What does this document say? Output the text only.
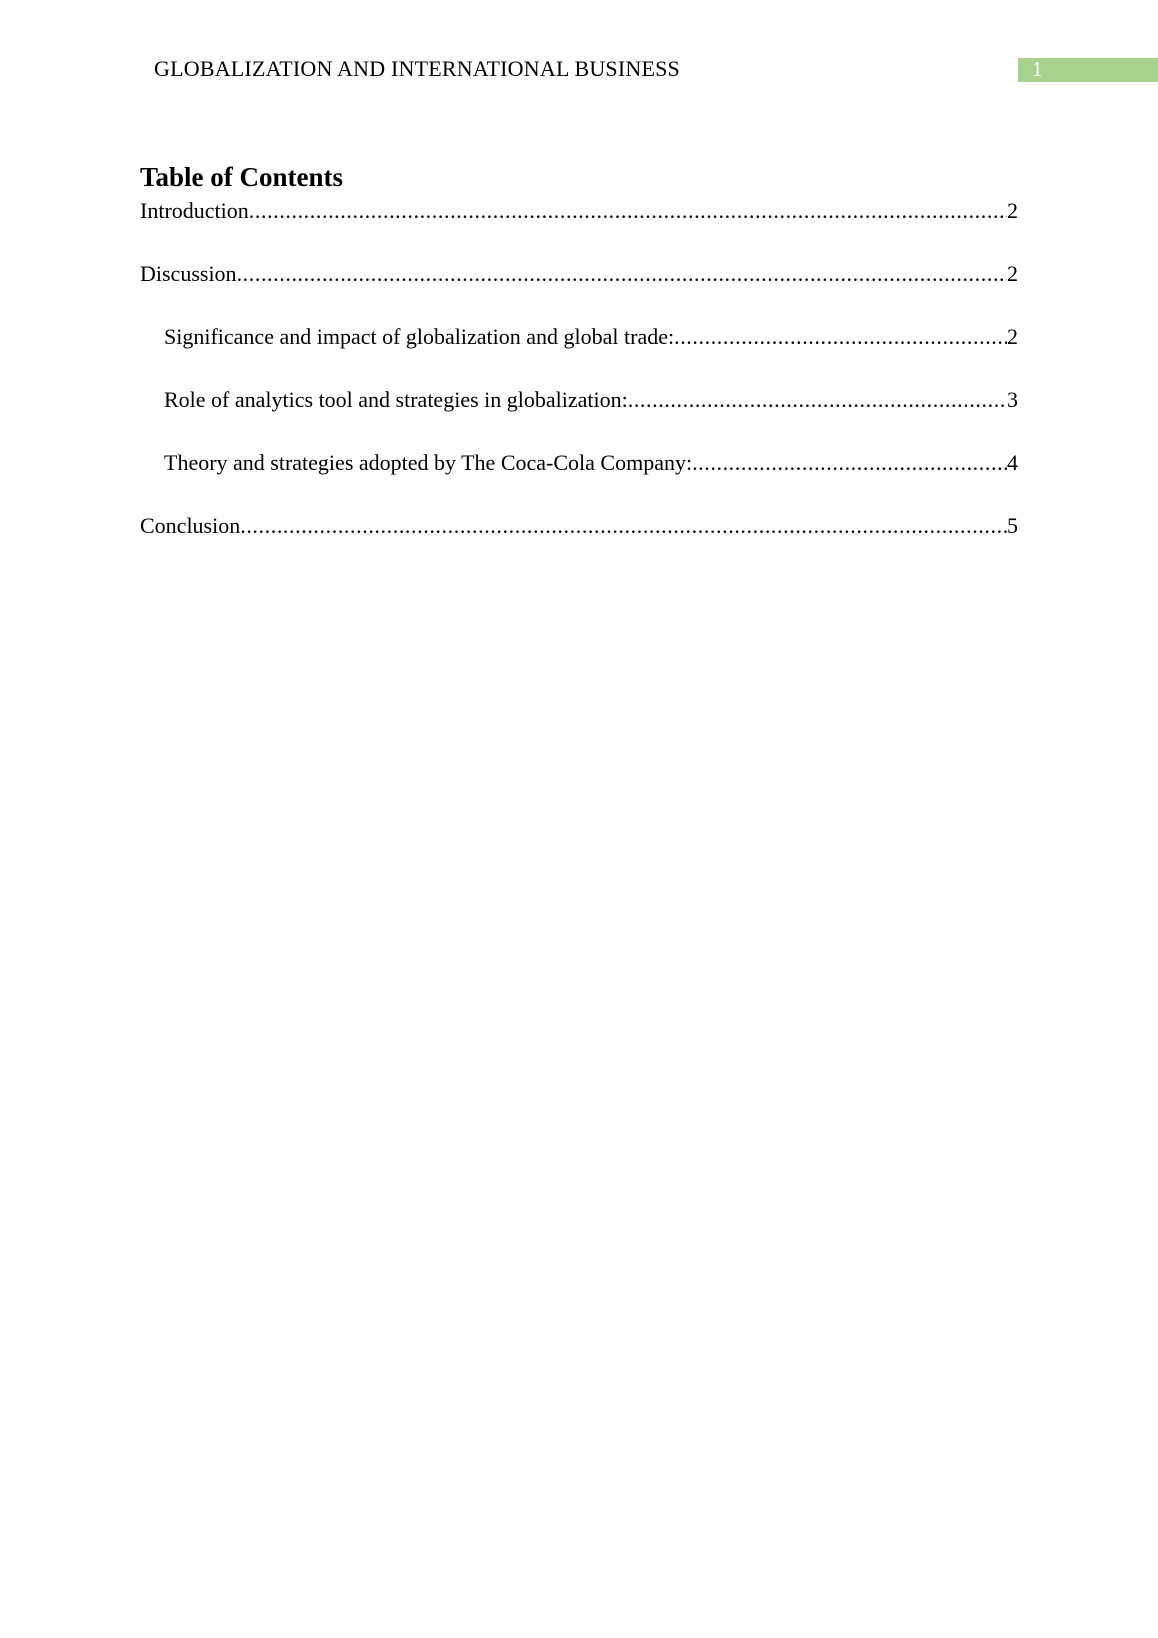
GLOBALIZATION AND INTERNATIONAL BUSINESS	1
Table of Contents
Introduction .....	2
Discussion .....	2
Significance and impact of globalization and global trade: .....	2
Role of analytics tool and strategies in globalization: .....	3
Theory and strategies adopted by The Coca-Cola Company: .....	4
Conclusion .....	5
